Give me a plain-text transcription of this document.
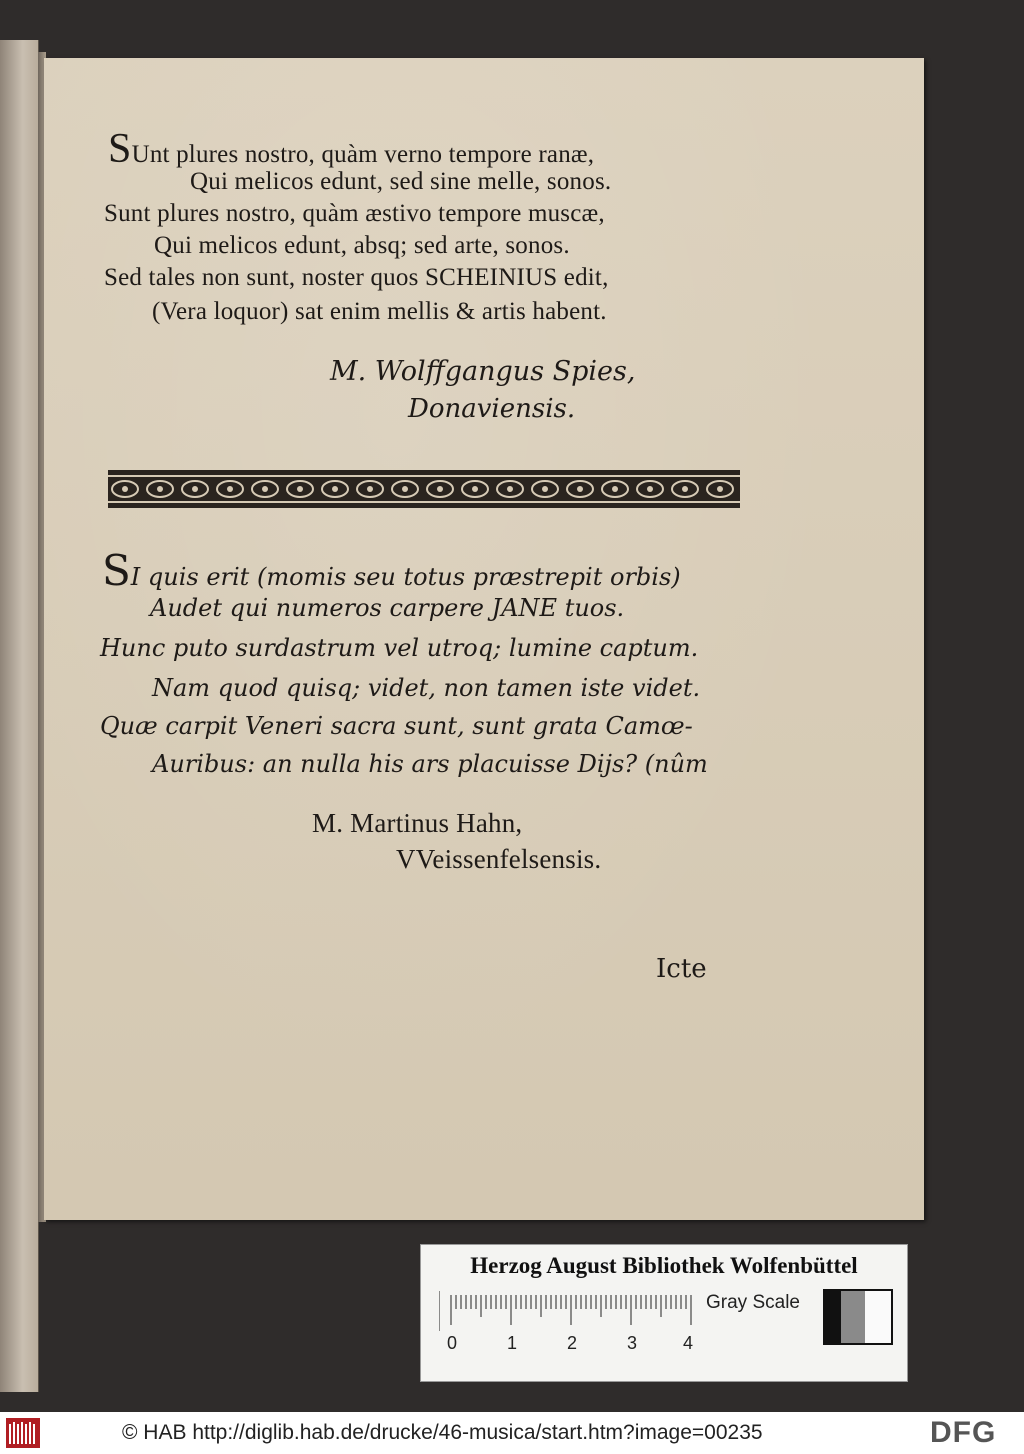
SUnt plures nostro, quàm verno tempore ranæ,
Qui melicos edunt, sed sine melle, sonos.
Sunt plures nostro, quàm æstivo tempore muscæ,
Qui melicos edunt, absq; sed arte, sonos.
Sed tales non sunt, noster quos SCHEINIUS edit,
(Vera loquor) sat enim mellis & artis habent.
M. Wolffgangus Spies,
Donaviensis.
SI quis erit (momis seu totus præstrepit orbis)
Audet qui numeros carpere JANE tuos.
Hunc puto surdastrum vel utroq; lumine captum.
Nam quod quisq; videt, non tamen iste videt.
Quæ carpit Veneri sacra sunt, sunt grata Camœ-
Auribus: an nulla his ars placuisse Dijs? (nûm
M. Martinus Hahn,
VVeissenfelsensis.
Icte
Herzog August Bibliothek Wolfenbüttel
0	1	2	3	4
Gray Scale
© HAB http://diglib.hab.de/drucke/46-musica/start.htm?image=00235	DFG
